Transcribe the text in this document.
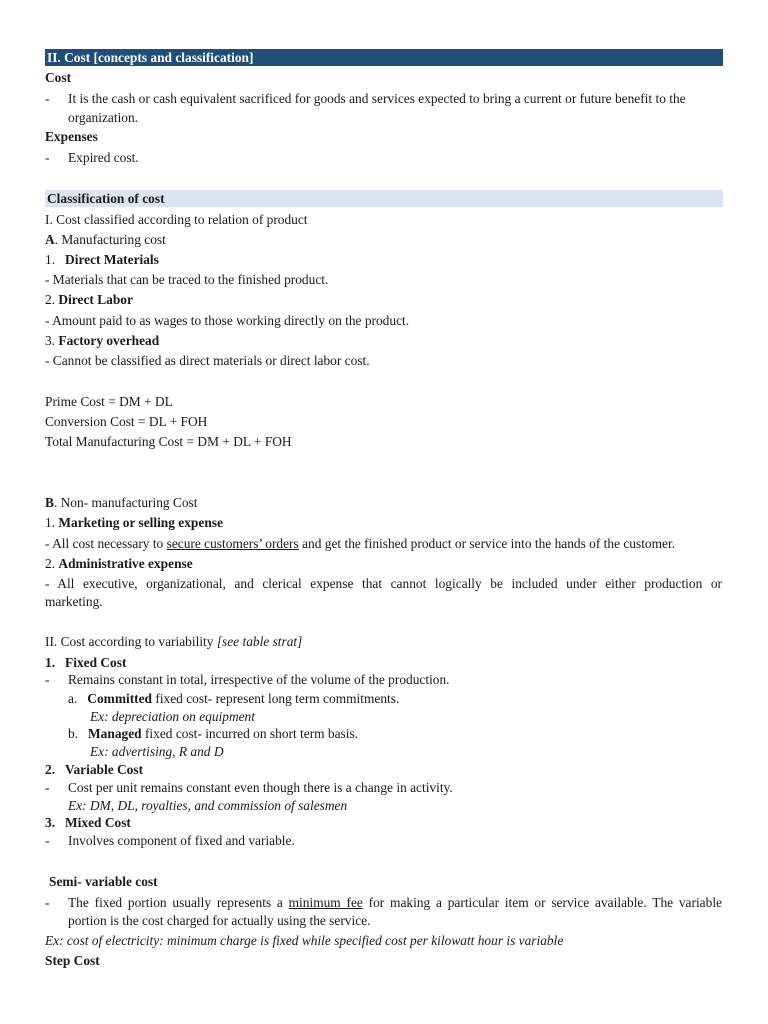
II. Cost [concepts and classification]
Cost
- It is the cash or cash equivalent sacrificed for goods and services expected to bring a current or future benefit to the
organization.
Expenses
- Expired cost.
Classification of cost
I. Cost classified according to relation of product
A. Manufacturing cost
1. Direct Materials
- Materials that can be traced to the finished product.
2. Direct Labor
- Amount paid to as wages to those working directly on the product.
3. Factory overhead
- Cannot be classified as direct materials or direct labor cost.
Prime Cost = DM + DL
Conversion Cost = DL + FOH
Total Manufacturing Cost = DM + DL + FOH
B. Non- manufacturing Cost
1. Marketing or selling expense
- All cost necessary to secure customers’ orders and get the finished product or service into the hands of the customer.
2. Administrative expense
- All executive, organizational, and clerical expense that cannot logically be included under either production or
marketing.
II. Cost according to variability [see table strat]
1. Fixed Cost
- Remains constant in total, irrespective of the volume of the production.
a. Committed fixed cost- represent long term commitments.
Ex: depreciation on equipment
b. Managed fixed cost- incurred on short term basis.
Ex: advertising, R and D
2. Variable Cost
- Cost per unit remains constant even though there is a change in activity.
Ex: DM, DL, royalties, and commission of salesmen
3. Mixed Cost
- Involves component of fixed and variable.
Semi- variable cost
- The fixed portion usually represents a minimum fee for making a particular item or service available. The variable
portion is the cost charged for actually using the service.
Ex: cost of electricity: minimum charge is fixed while specified cost per kilowatt hour is variable
Step Cost
